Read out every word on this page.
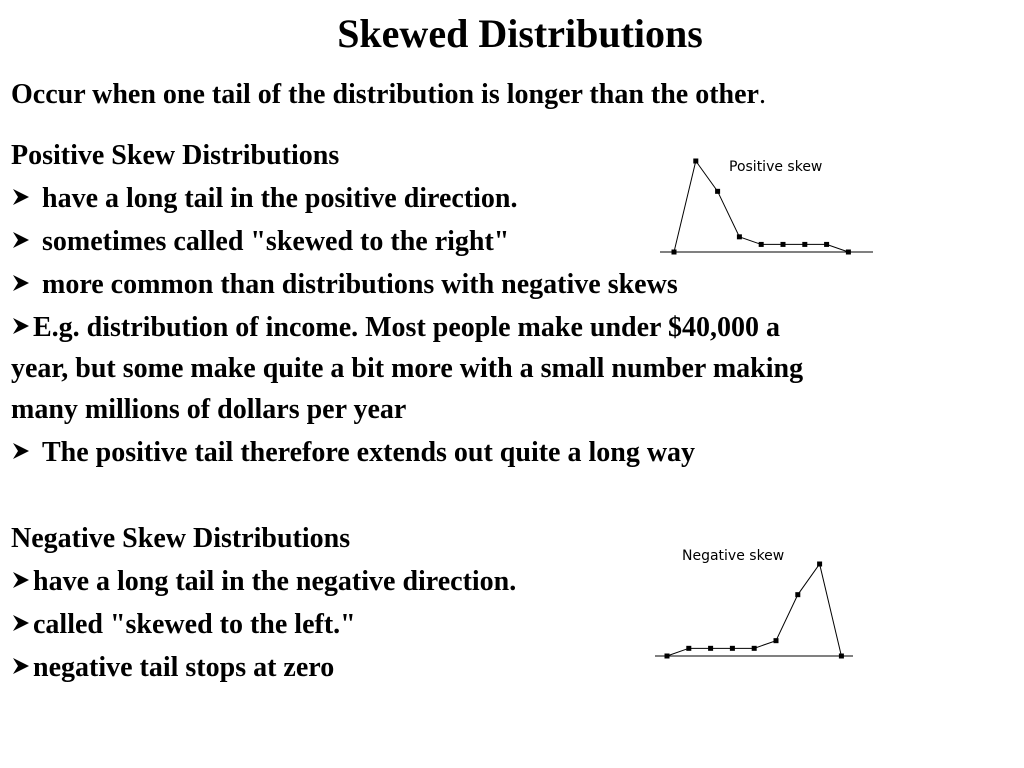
Skewed Distributions
Occur when one tail of the distribution is longer than the other.
Positive Skew Distributions
have a long tail in the positive direction.
sometimes called "skewed to the right"
more common than distributions with negative skews
E.g. distribution of income. Most people make under $40,000 a
year, but some make quite a bit more with a small number making
many millions of dollars per year
The positive tail therefore extends out quite a long way
Negative Skew Distributions
have a long tail in the negative direction.
called "skewed to the left."
negative tail stops at zero
Positive skew
Negative skew
